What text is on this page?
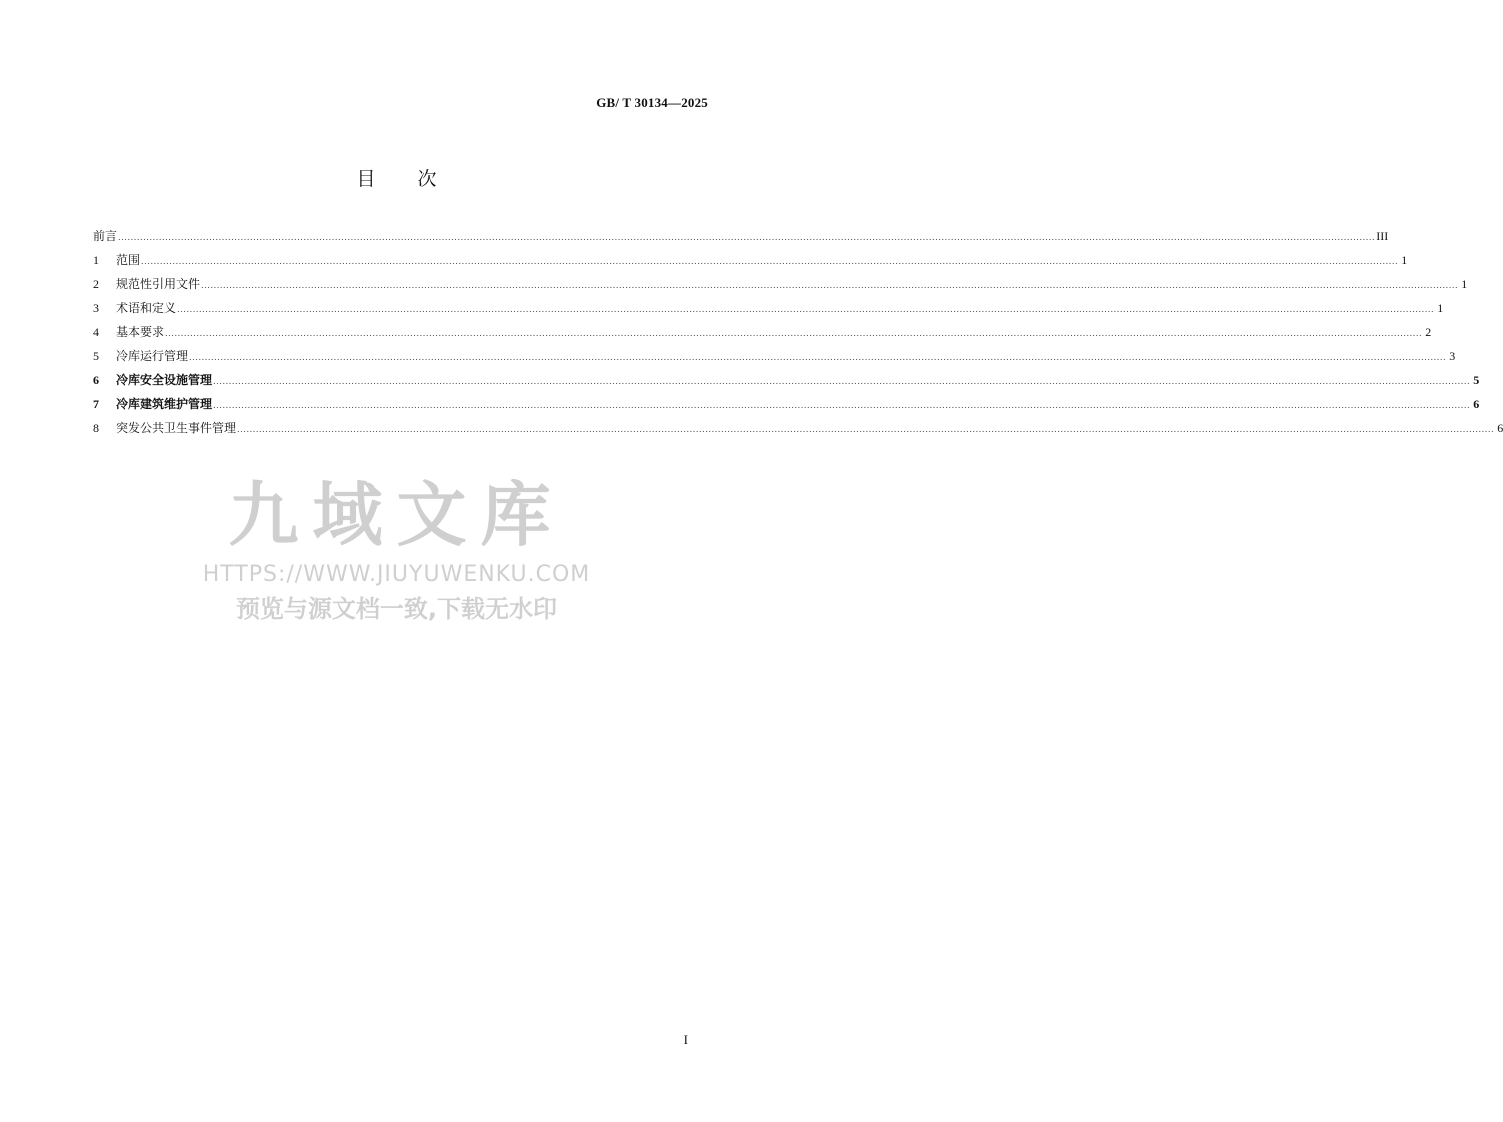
GB/ T 30134—2025
目次
前言 ................................................................................................................................................................................................................................................................................................................................................................................................................ III
1	范围 ................................................................................................................................................................................................................................................................................................................................................................................................................ 1
2	规范性引用文件 ................................................................................................................................................................................................................................................................................................................................................................................................................ 1
3	术语和定义 ................................................................................................................................................................................................................................................................................................................................................................................................................ 1
4	基本要求 ................................................................................................................................................................................................................................................................................................................................................................................................................ 2
5	冷库运行管理 ................................................................................................................................................................................................................................................................................................................................................................................................................ 3
6	冷库安全设施管理 ................................................................................................................................................................................................................................................................................................................................................................................................................ 5
7	冷库建筑维护管理 ................................................................................................................................................................................................................................................................................................................................................................................................................ 6
8	突发公共卫生事件管理 ................................................................................................................................................................................................................................................................................................................................................................................................................ 6
九域文库
HTTPS://WWW.JIUYUWENKU.COM
预览与源文档一致,下载无水印
I
